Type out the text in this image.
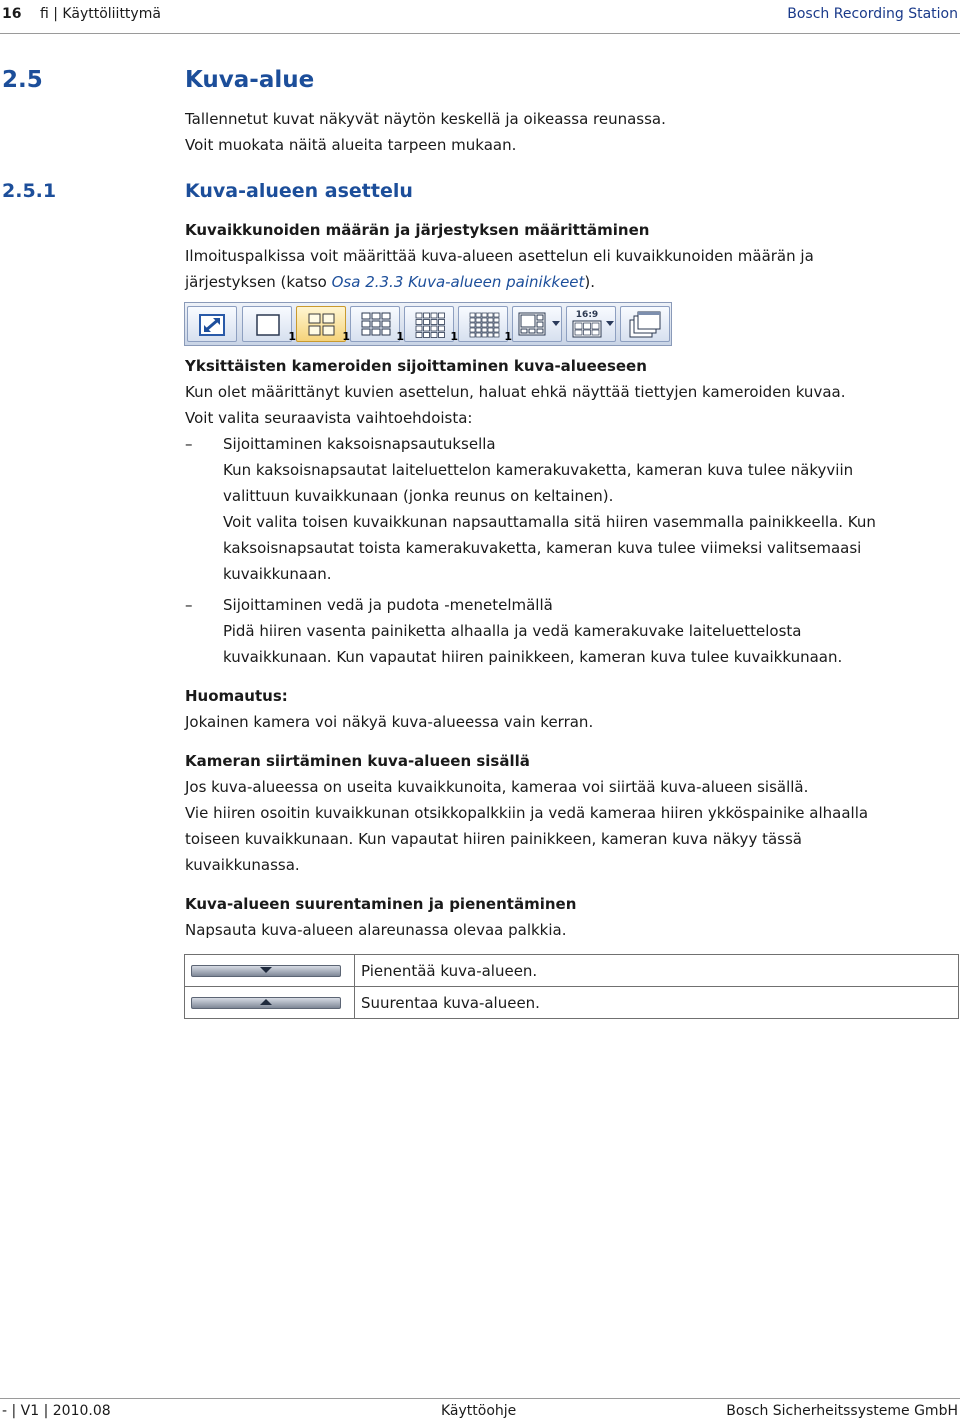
16 fi | Käyttöliittymä	Bosch Recording Station
2.5	Kuva-alue
Tallennetut kuvat näkyvät näytön keskellä ja oikeassa reunassa.
Voit muokata näitä alueita tarpeen mukaan.
2.5.1	Kuva-alueen asettelu
Kuvaikkunoiden määrän ja järjestyksen määrittäminen
Ilmoituspalkissa voit määrittää kuva-alueen asettelun eli kuvaikkunoiden määrän ja
järjestyksen (katso Osa 2.3.3 Kuva-alueen painikkeet).
1	1	1	1	1
16:9
Yksittäisten kameroiden sijoittaminen kuva-alueeseen
Kun olet määrittänyt kuvien asettelun, haluat ehkä näyttää tiettyjen kameroiden kuvaa.
Voit valita seuraavista vaihtoehdoista:
– Sijoittaminen kaksoisnapsautuksella
Kun kaksoisnapsautat laiteluettelon kamerakuvaketta, kameran kuva tulee näkyviin
valittuun kuvaikkunaan (jonka reunus on keltainen).
Voit valita toisen kuvaikkunan napsauttamalla sitä hiiren vasemmalla painikkeella. Kun
kaksoisnapsautat toista kamerakuvaketta, kameran kuva tulee viimeksi valitsemaasi
kuvaikkunaan.
– Sijoittaminen vedä ja pudota -menetelmällä
Pidä hiiren vasenta painiketta alhaalla ja vedä kamerakuvake laiteluettelosta
kuvaikkunaan. Kun vapautat hiiren painikkeen, kameran kuva tulee kuvaikkunaan.
Huomautus:
Jokainen kamera voi näkyä kuva-alueessa vain kerran.
Kameran siirtäminen kuva-alueen sisällä
Jos kuva-alueessa on useita kuvaikkunoita, kameraa voi siirtää kuva-alueen sisällä.
Vie hiiren osoitin kuvaikkunan otsikkopalkkiin ja vedä kameraa hiiren ykköspainike alhaalla
toiseen kuvaikkunaan. Kun vapautat hiiren painikkeen, kameran kuva näkyy tässä
kuvaikkunassa.
Kuva-alueen suurentaminen ja pienentäminen
Napsauta kuva-alueen alareunassa olevaa palkkia.
	Pienentää kuva-alueen.

	Suurentaa kuva-alueen.
- | V1 | 2010.08	Käyttöohje	Bosch Sicherheitssysteme GmbH
